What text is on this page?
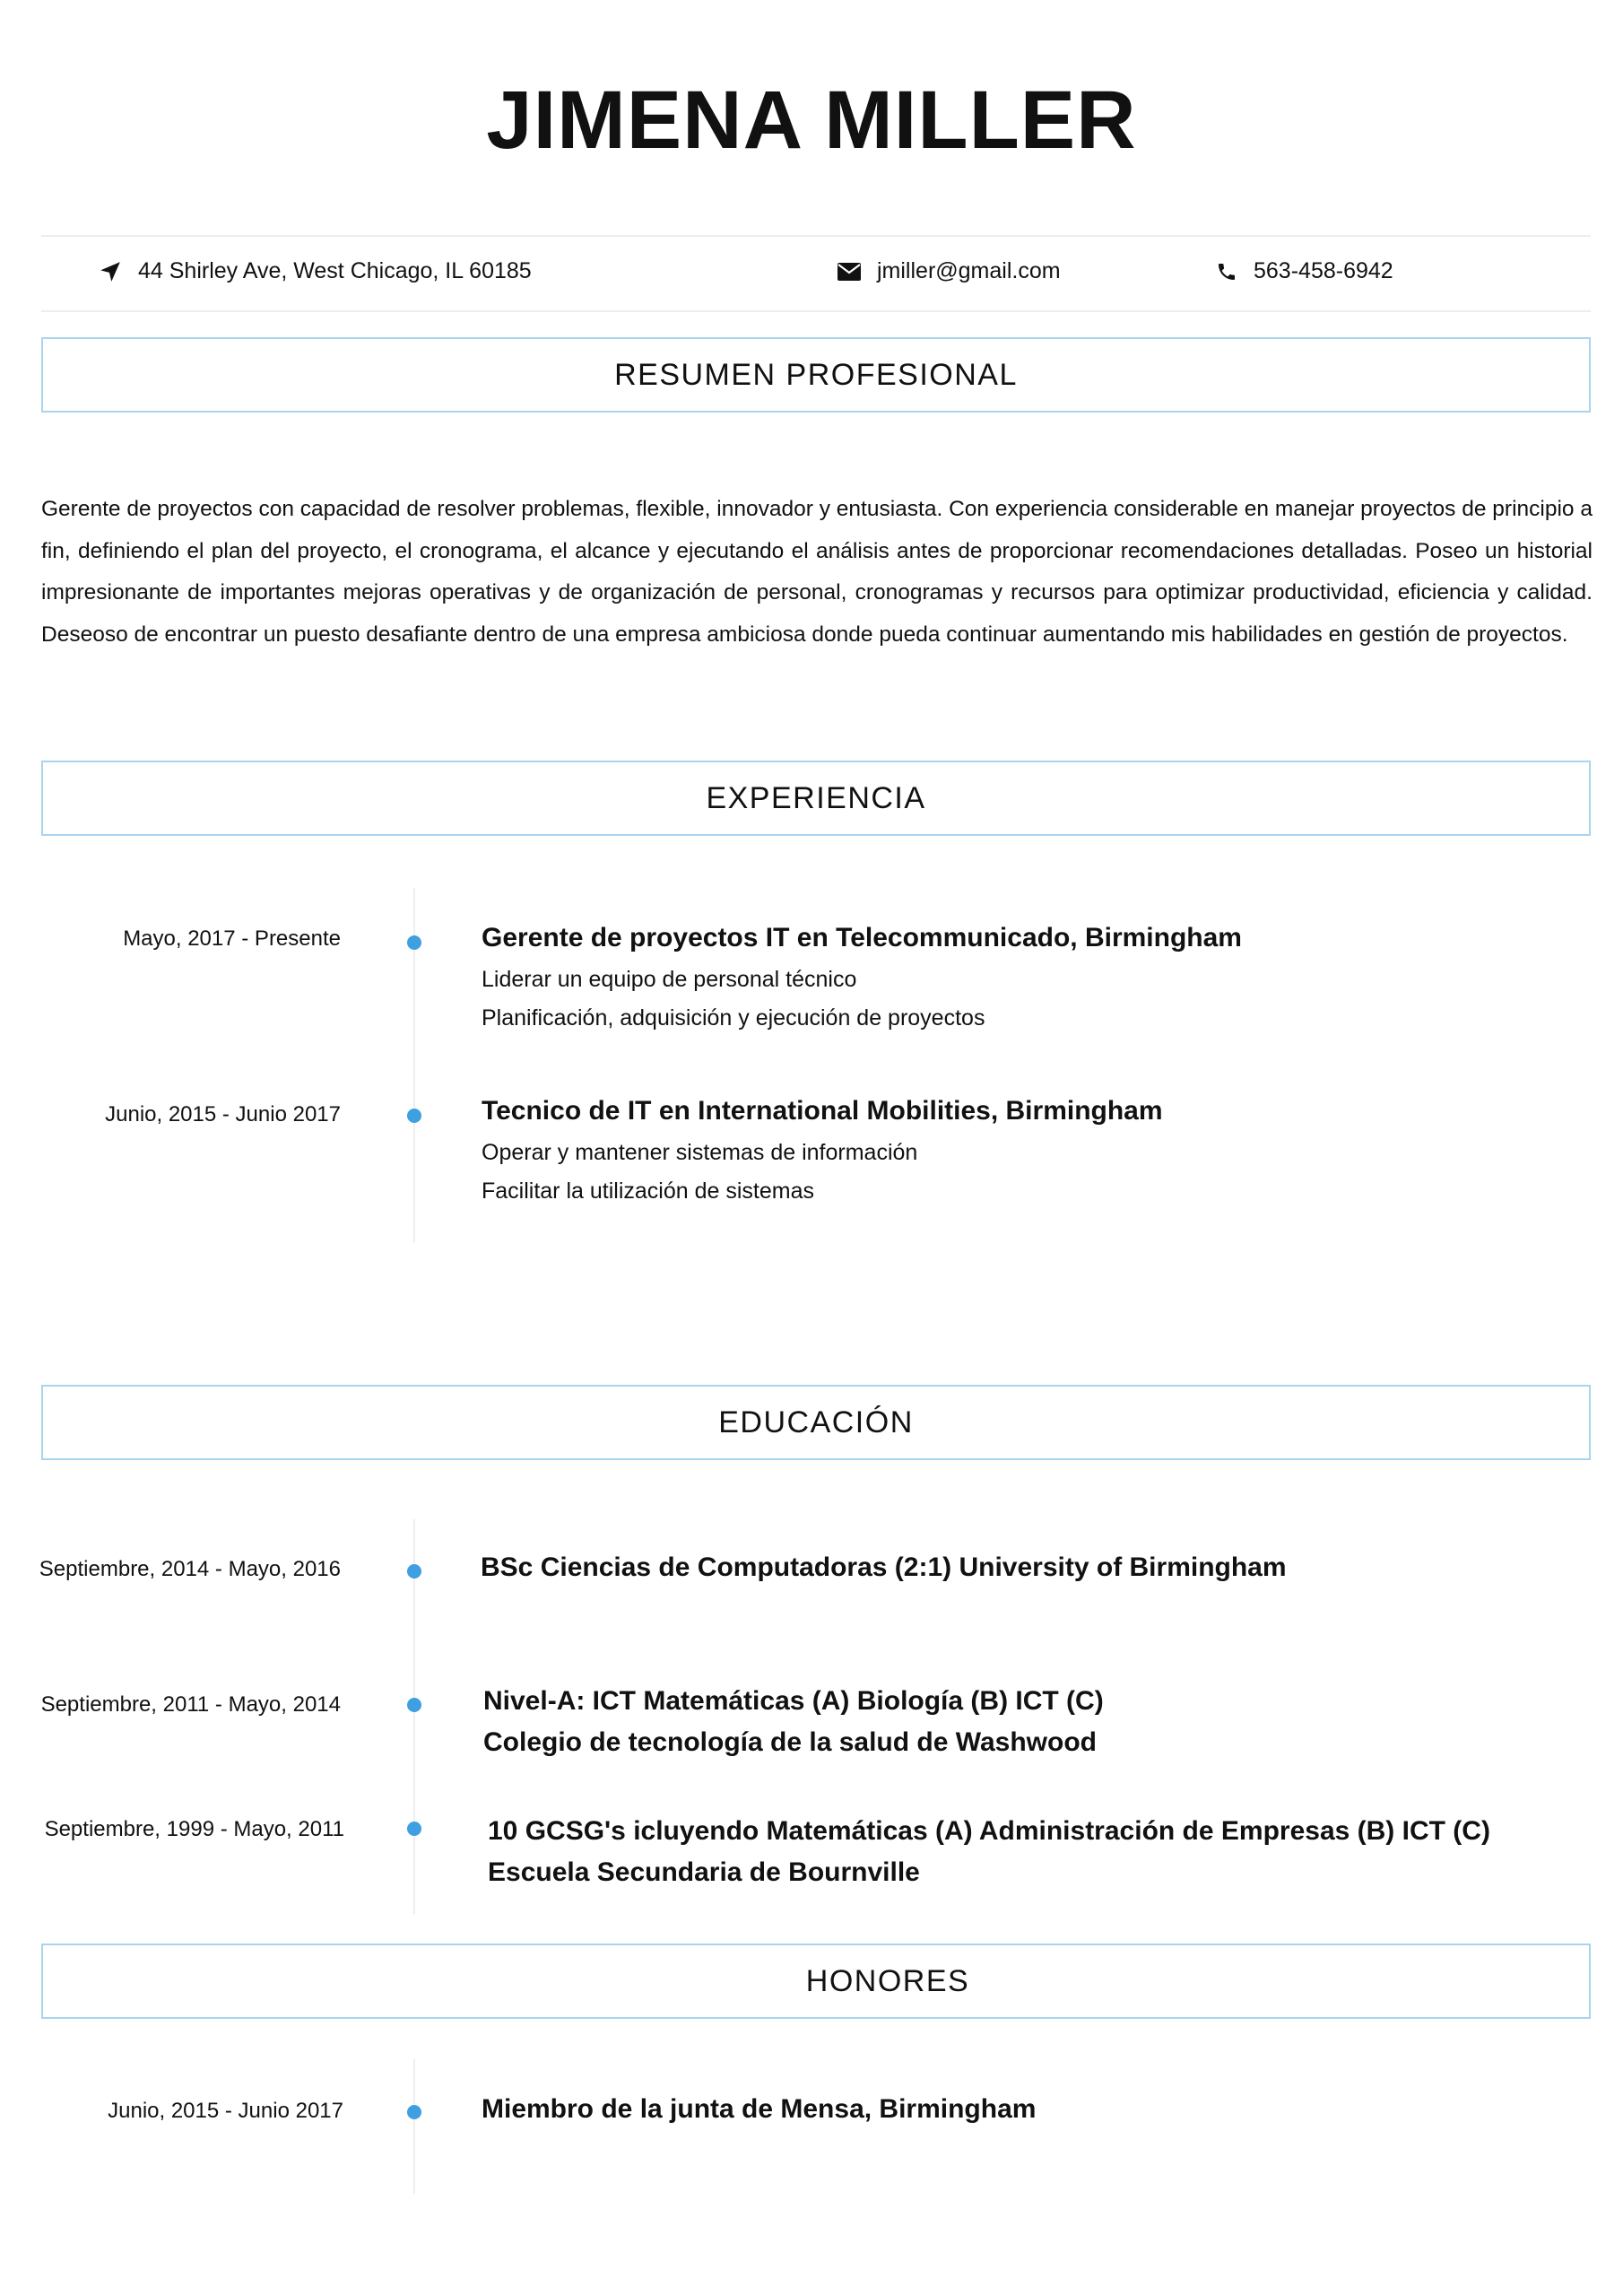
JIMENA MILLER
44 Shirley Ave, West Chicago, IL 60185	jmiller@gmail.com	563-458-6942
RESUMEN PROFESIONAL

Gerente de proyectos con capacidad de resolver problemas, flexible, innovador y entusiasta. Con experiencia considerable en manejar proyectos de principio a fin, definiendo el plan del proyecto, el cronograma, el alcance y ejecutando el análisis antes de proporcionar recomendaciones detalladas. Poseo un historial impresionante de importantes mejoras operativas y de organización de personal, cronogramas y recursos para optimizar productividad, eficiencia y calidad. Deseoso de encontrar un puesto desafiante dentro de una empresa ambiciosa donde pueda continuar aumentando mis habilidades en gestión de proyectos.

EXPERIENCIA
Mayo, 2017 - Presente	Gerente de proyectos IT en Telecommunicado, Birmingham
Liderar un equipo de personal técnico
Planificación, adquisición y ejecución de proyectos
Junio, 2015 - Junio 2017	Tecnico de IT en International Mobilities, Birmingham
Operar y mantener sistemas de información
Facilitar la utilización de sistemas
EDUCACIÓN
Septiembre, 2014 - Mayo, 2016	BSc Ciencias de Computadoras (2:1) University of Birmingham
Septiembre, 2011 - Mayo, 2014	Nivel-A: ICT Matemáticas (A) Biología (B) ICT (C)
Colegio de tecnología de la salud de Washwood
Septiembre, 1999 - Mayo, 2011	10 GCSG's icluyendo Matemáticas (A) Administración de Empresas (B) ICT (C)
Escuela Secundaria de Bournville
HONORES
Junio, 2015 - Junio 2017	Miembro de la junta de Mensa, Birmingham
